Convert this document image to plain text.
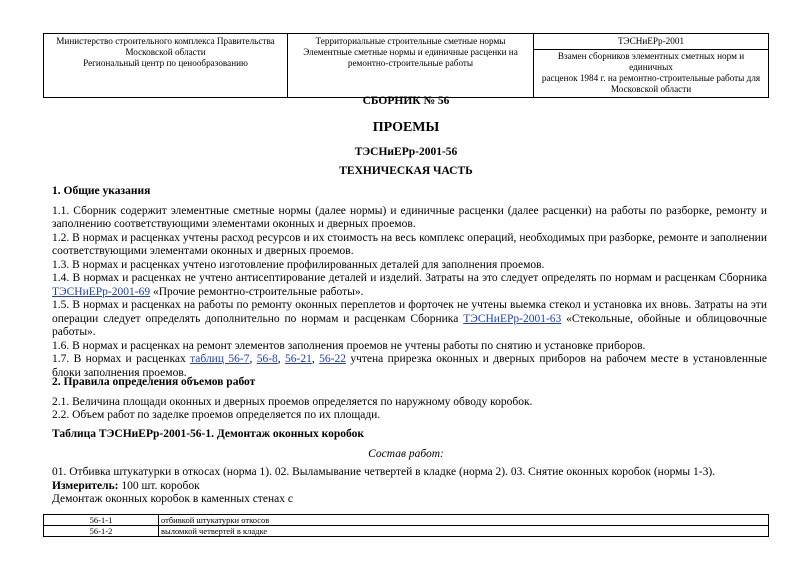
Министерство строительного комплекса Правительства
Московской области
Региональный центр по ценообразованию

Территориальные строительные сметные нормы
Элементные сметные нормы и единичные расценки на
ремонтно-строительные работы

ТЭСНиЕРр-2001
Взамен сборников элементных сметных норм и единичных
расценок 1984 г. на ремонтно-строительные работы для
Московской области
СБОРНИК № 56
ПРОЕМЫ
ТЭСНиЕРр-2001-56
ТЕХНИЧЕСКАЯ ЧАСТЬ
1. Общие указания
1.1. Сборник содержит элементные сметные нормы (далее нормы) и единичные расценки (далее расценки) на работы по разборке, ремонту и заполнению соответствующими элементами оконных и дверных проемов.
1.2. В нормах и расценках учтены расход ресурсов и их стоимость на весь комплекс операций, необходимых при разборке, ремонте и заполнении соответствующими элементами оконных и дверных проемов.
1.3. В нормах и расценках учтено изготовление профилированных деталей для заполнения проемов.
1.4. В нормах и расценках не учтено антисептирование деталей и изделий. Затраты на это следует определять по нормам и расценкам Сборника ТЭСНиЕРр-2001-69 «Прочие ремонтно-строительные работы».
1.5. В нормах и расценках на работы по ремонту оконных переплетов и форточек не учтены выемка стекол и установка их вновь. Затраты на эти операции следует определять дополнительно по нормам и расценкам Сборника ТЭСНиЕРр-2001-63 «Стекольные, обойные и облицовочные работы».
1.6. В нормах и расценках на ремонт элементов заполнения проемов не учтены работы по снятию и установке приборов.
1.7. В нормах и расценках таблиц 56-7, 56-8, 56-21, 56-22 учтена прирезка оконных и дверных приборов на рабочем месте в установленные блоки заполнения проемов.
2. Правила определения объемов работ
2.1. Величина площади оконных и дверных проемов определяется по наружному обводу коробок.
2.2. Объем работ по заделке проемов определяется по их площади.
Таблица ТЭСНиЕРр-2001-56-1. Демонтаж оконных коробок
Состав работ:
01. Отбивка штукатурки в откосах (норма 1). 02. Выламывание четвертей в кладке (норма 2). 03. Снятие оконных коробок (нормы 1-3).
Измеритель: 100 шт. коробок
Демонтаж оконных коробок в каменных стенах с
56-1-1	отбивкой штукатурки откосов
56-1-2	выломкой четвертей в кладке
